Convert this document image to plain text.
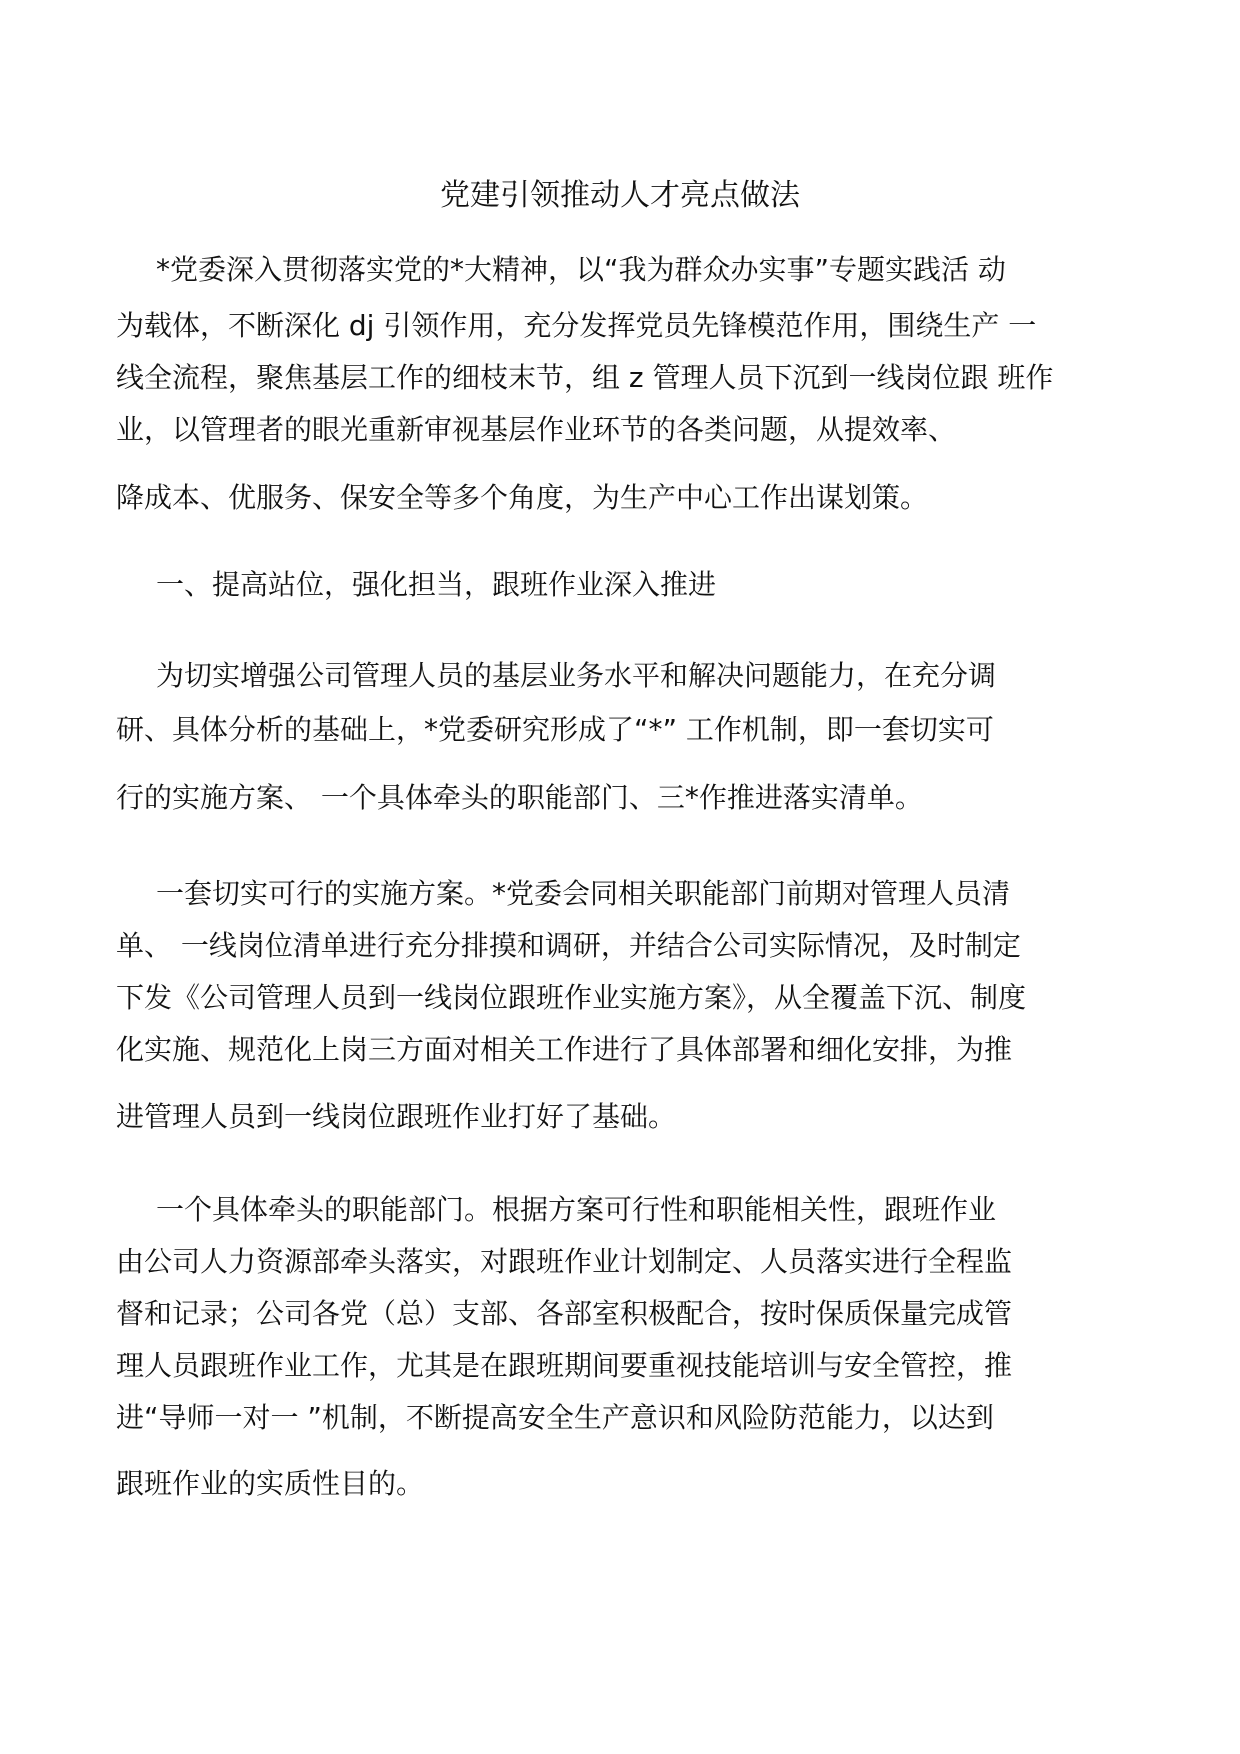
党建引领推动人才亮点做法
*党委深入贯彻落实党的*大精神，以“我为群众办实事”专题实践活 动
为载体，不断深化 dj 引领作用，充分发挥党员先锋模范作用，围绕生产 一
线全流程，聚焦基层工作的细枝末节，组 z 管理人员下沉到一线岗位跟 班作
业，以管理者的眼光重新审视基层作业环节的各类问题，从提效率、
降成本、优服务、保安全等多个角度，为生产中心工作出谋划策。
一、提高站位，强化担当，跟班作业深入推进
为切实增强公司管理人员的基层业务水平和解决问题能力，在充分调
研、具体分析的基础上，*党委研究形成了“*” 工作机制，即一套切实可
行的实施方案、 一个具体牵头的职能部门、三*作推进落实清单。
一套切实可行的实施方案。*党委会同相关职能部门前期对管理人员清
单、 一线岗位清单进行充分排摸和调研，并结合公司实际情况，及时制定
下发《公司管理人员到一线岗位跟班作业实施方案》，从全覆盖下沉、制度
化实施、规范化上岗三方面对相关工作进行了具体部署和细化安排，为推
进管理人员到一线岗位跟班作业打好了基础。
一个具体牵头的职能部门。根据方案可行性和职能相关性，跟班作业
由公司人力资源部牵头落实，对跟班作业计划制定、人员落实进行全程监
督和记录；公司各党（总）支部、各部室积极配合，按时保质保量完成管
理人员跟班作业工作，尤其是在跟班期间要重视技能培训与安全管控，推
进“导师一对一 ”机制，不断提高安全生产意识和风险防范能力，以达到
跟班作业的实质性目的。
